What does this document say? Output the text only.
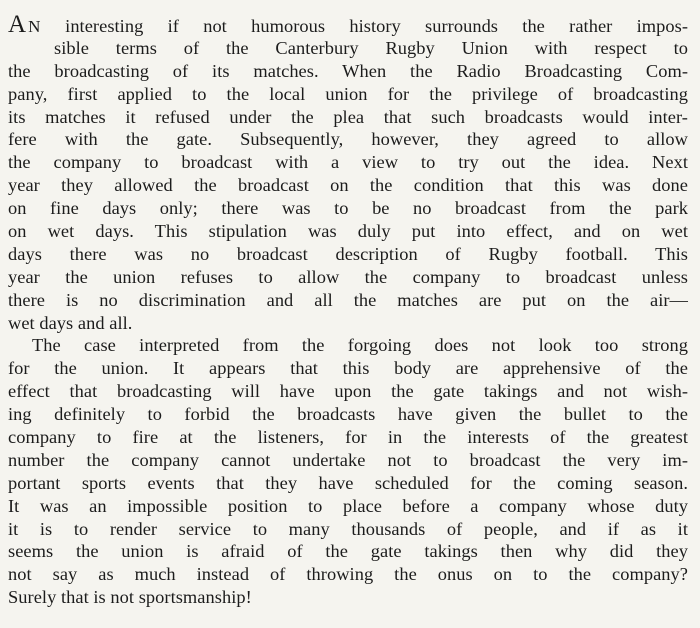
A N interesting if not humorous history surrounds the rather impos-
sible terms of the Canterbury Rugby Union with respect to
the broadcasting of its matches. When the Radio Broadcasting Com-
pany, first applied to the local union for the privilege of broadcasting
its matches it refused under the plea that such broadcasts would inter-
fere with the gate. Subsequently, however, they agreed to allow
the company to broadcast with a view to try out the idea. Next
year they allowed the broadcast on the condition that this was done
on fine days only; there was to be no broadcast from the park
on wet days. This stipulation was duly put into effect, and on wet
days there was no broadcast description of Rugby football. This
year the union refuses to allow the company to broadcast unless
there is no discrimination and all the matches are put on the air—
wet days and all.
The case interpreted from the forgoing does not look too strong
for the union. It appears that this body are apprehensive of the
effect that broadcasting will have upon the gate takings and not wish-
ing definitely to forbid the broadcasts have given the bullet to the
company to fire at the listeners, for in the interests of the greatest
number the company cannot undertake not to broadcast the very im-
portant sports events that they have scheduled for the coming season.
It was an impossible position to place before a company whose duty
it is to render service to many thousands of people, and if as it
seems the union is afraid of the gate takings then why did they
not say as much instead of throwing the onus on to the company?
Surely that is not sportsmanship!
